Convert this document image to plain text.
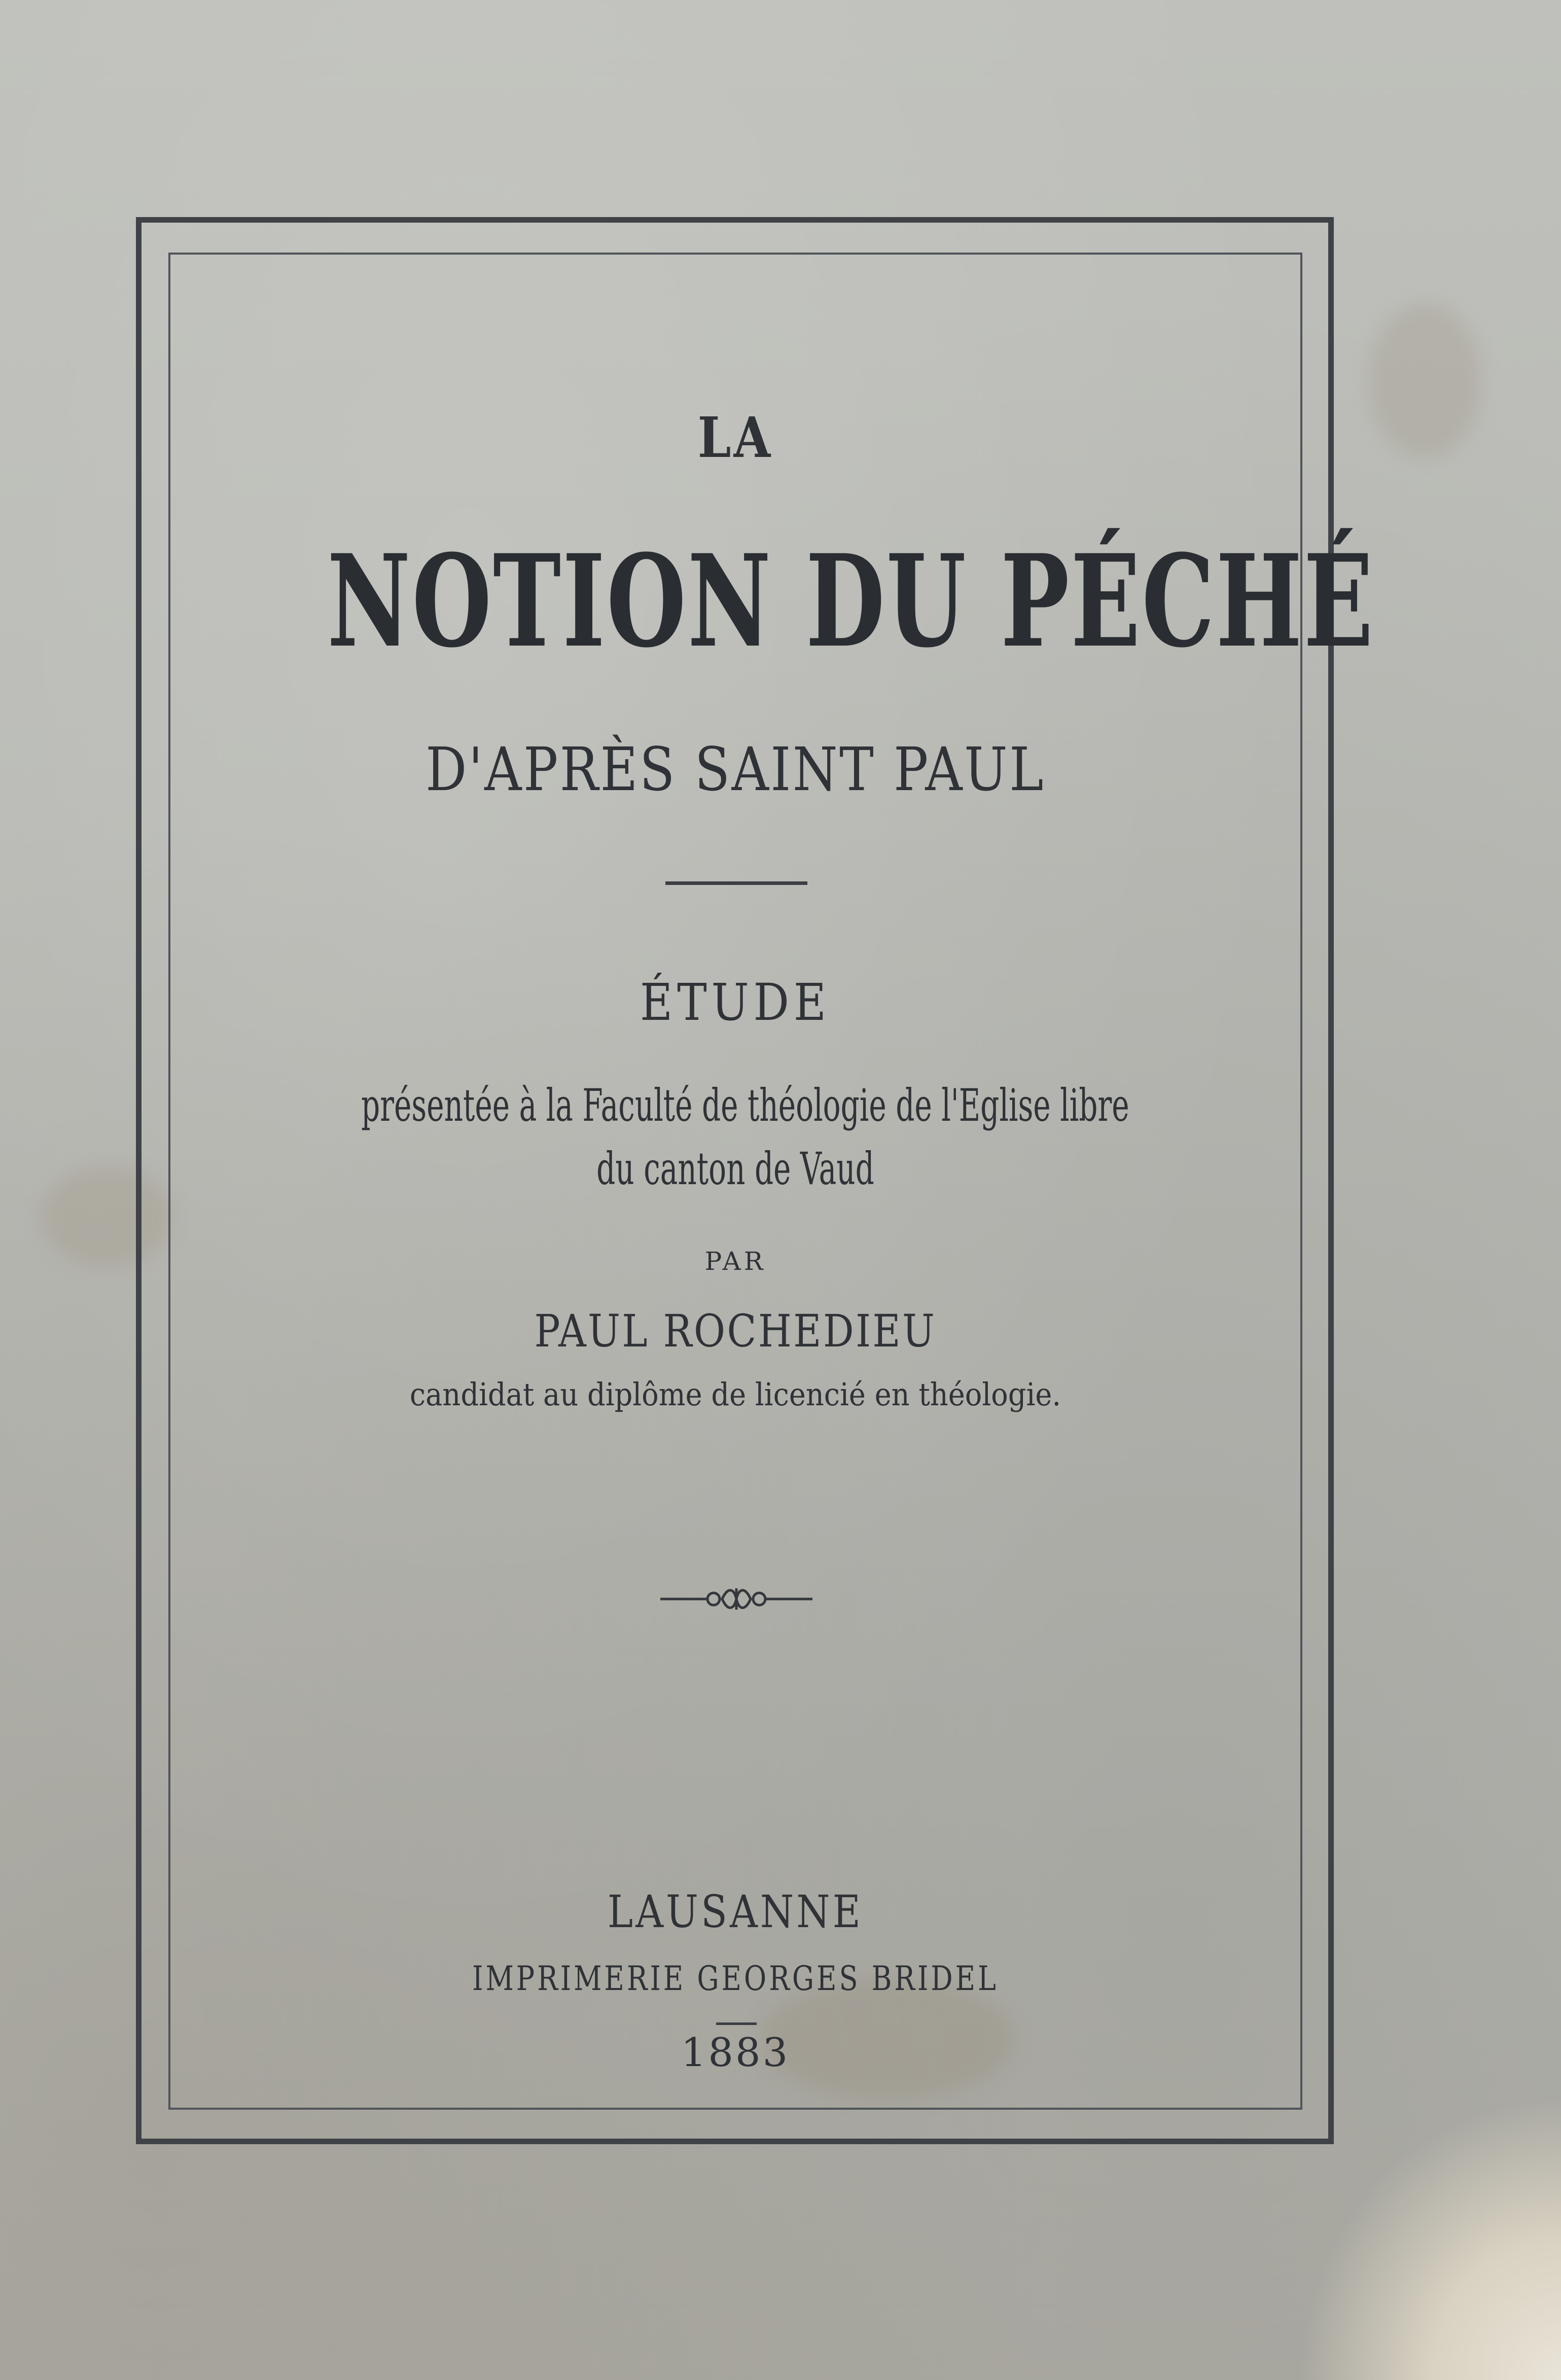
LA
NOTION DU PÉCHÉ
D'APRÈS SAINT PAUL
ÉTUDE
présentée à la Faculté de théologie de l'Eglise libre
du canton de Vaud
PAR
PAUL ROCHEDIEU
candidat au diplôme de licencié en théologie.
LAUSANNE
IMPRIMERIE GEORGES BRIDEL
1883
